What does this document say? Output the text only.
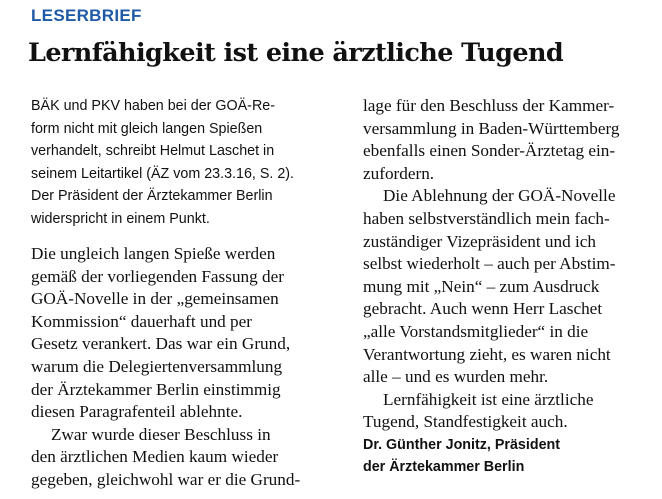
LESERBRIEF
Lernfähigkeit ist eine ärztliche Tugend
BÄK und PKV haben bei der GOÄ-Re-
form nicht mit gleich langen Spießen
verhandelt, schreibt Helmut Laschet in
seinem Leitartikel (ÄZ vom 23.3.16, S. 2).
Der Präsident der Ärztekammer Berlin
widerspricht in einem Punkt.
Die ungleich langen Spieße werden
gemäß der vorliegenden Fassung der
GOÄ-Novelle in der „gemeinsamen
Kommission“ dauerhaft und per
Gesetz verankert. Das war ein Grund,
warum die Delegiertenversammlung
der Ärztekammer Berlin einstimmig
diesen Paragrafenteil ablehnte.
Zwar wurde dieser Beschluss in
den ärztlichen Medien kaum wieder
gegeben, gleichwohl war er die Grund-
lage für den Beschluss der Kammer-
versammlung in Baden-Württemberg
ebenfalls einen Sonder-Ärztetag ein-
zufordern.
Die Ablehnung der GOÄ-Novelle
haben selbstverständlich mein fach-
zuständiger Vizepräsident und ich
selbst wiederholt – auch per Abstim-
mung mit „Nein“ – zum Ausdruck
gebracht. Auch wenn Herr Laschet
„alle Vorstandsmitglieder“ in die
Verantwortung zieht, es waren nicht
alle – und es wurden mehr.
Lernfähigkeit ist eine ärztliche
Tugend, Standfestigkeit auch.
Dr. Günther Jonitz, Präsident
der Ärztekammer Berlin
